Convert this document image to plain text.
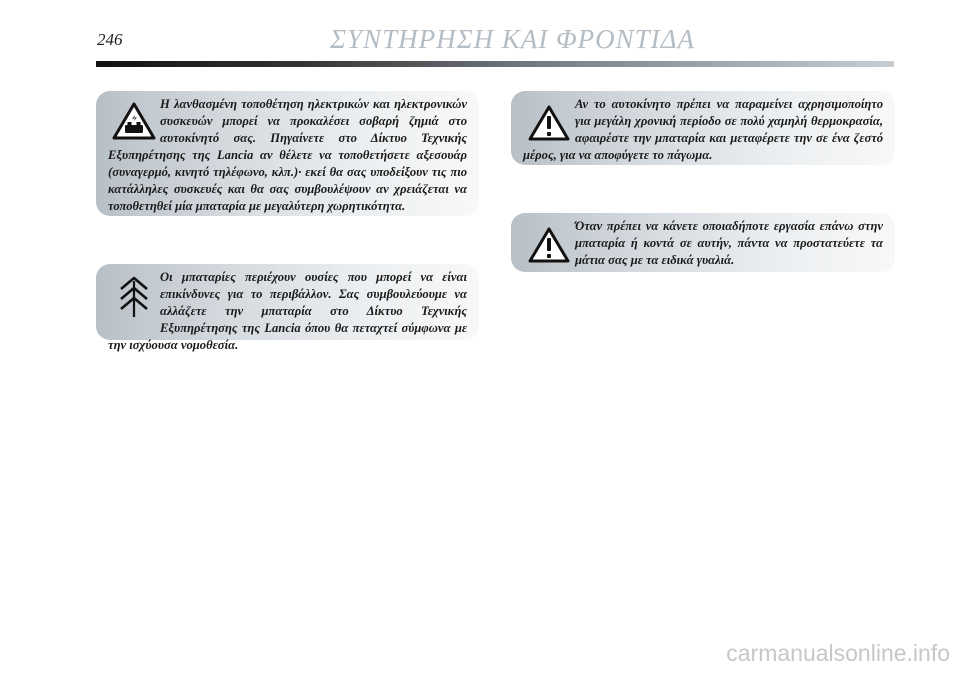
246	ΣΥΝΤΗΡΗΣΗ ΚΑΙ ΦΡΟΝΤΙΔΑ
Η λανθασμένη τοποθέτηση ηλεκτρικών και ηλεκτρονικών συσκευών μπορεί να προκαλέσει σοβαρή ζημιά στο αυτοκίνητό σας. Πηγαίνετε στο Δίκτυο Τεχνικής Εξυπηρέτησης της Lancia αν θέλετε να τοποθετήσετε αξεσουάρ (συναγερμό, κινητό τηλέφωνο, κλπ.)· εκεί θα σας υποδείξουν τις πιο κατάλληλες συσκευές και θα σας συμβουλέψουν αν χρειάζεται να τοποθετηθεί μία μπαταρία με μεγαλύτερη χωρητικότητα.
Οι μπαταρίες περιέχουν ουσίες που μπορεί να είναι επικίνδυνες για το περιβάλλον. Σας συμβουλεύουμε να αλλάζετε την μπαταρία στο Δίκτυο Τεχνικής Εξυπηρέτησης της Lancia όπου θα πεταχτεί σύμφωνα με την ισχύουσα νομοθεσία.
Αν το αυτοκίνητο πρέπει να παραμείνει αχρησιμοποίητο για μεγάλη χρονική περίοδο σε πολύ χαμηλή θερμοκρασία, αφαιρέστε την μπαταρία και μεταφέρετε την σε ένα ζεστό μέρος, για να αποφύγετε το πάγωμα.
Όταν πρέπει να κάνετε οποιαδήποτε εργασία επάνω στην μπαταρία ή κοντά σε αυτήν, πάντα να προστατεύετε τα μάτια σας με τα ειδικά γυαλιά.
carmanualsonline.info
